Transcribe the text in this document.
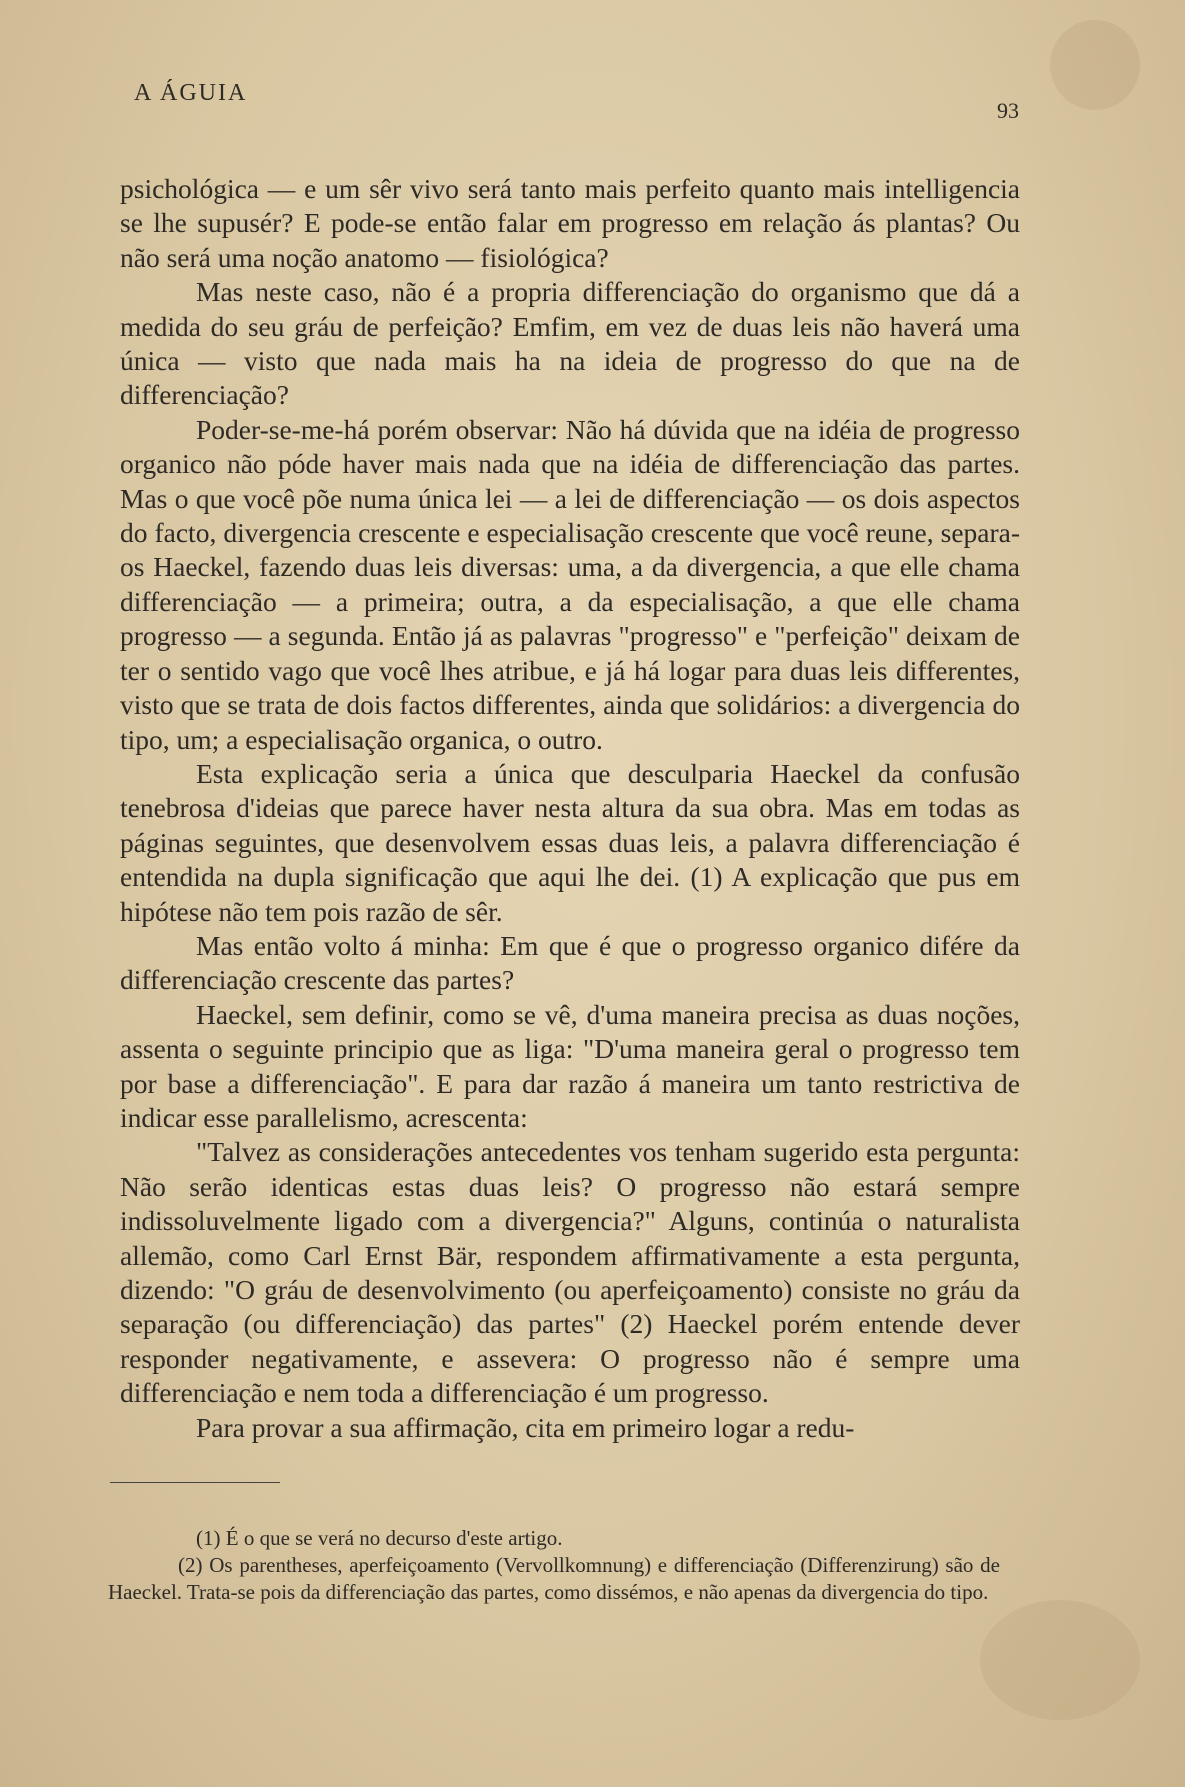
A ÁGUIA
93

psichológica — e um sêr vivo será tanto mais perfeito quanto mais intelligencia se lhe supusér? E pode-se então falar em progresso em relação ás plantas? Ou não será uma noção anatomo — fisiológica?

Mas neste caso, não é a propria differenciação do organismo que dá a medida do seu gráu de perfeição? Emfim, em vez de duas leis não haverá uma única — visto que nada mais ha na ideia de progresso do que na de differenciação?

Poder-se-me-há porém observar: Não há dúvida que na idéia de progresso organico não póde haver mais nada que na idéia de differenciação das partes. Mas o que você põe numa única lei — a lei de differenciação — os dois aspectos do facto, divergencia crescente e especialisação crescente que você reune, separa-os Haeckel, fazendo duas leis diversas: uma, a da divergencia, a que elle chama differenciação — a primeira; outra, a da especialisação, a que elle chama progresso — a segunda. Então já as palavras "progresso" e "perfeição" deixam de ter o sentido vago que você lhes atribue, e já há logar para duas leis differentes, visto que se trata de dois factos differentes, ainda que solidários: a divergencia do tipo, um; a especialisação organica, o outro.

Esta explicação seria a única que desculparia Haeckel da confusão tenebrosa d'ideias que parece haver nesta altura da sua obra. Mas em todas as páginas seguintes, que desenvolvem essas duas leis, a palavra differenciação é entendida na dupla significação que aqui lhe dei. (1) A explicação que pus em hipótese não tem pois razão de sêr.

Mas então volto á minha: Em que é que o progresso organico difére da differenciação crescente das partes?

Haeckel, sem definir, como se vê, d'uma maneira precisa as duas noções, assenta o seguinte principio que as liga: "D'uma maneira geral o progresso tem por base a differenciação". E para dar razão á maneira um tanto restrictiva de indicar esse parallelismo, acrescenta:

"Talvez as considerações antecedentes vos tenham sugerido esta pergunta: Não serão identicas estas duas leis? O progresso não estará sempre indissoluvelmente ligado com a divergencia?" Alguns, continúa o naturalista allemão, como Carl Ernst Bär, respondem affirmativamente a esta pergunta, dizendo: "O gráu de desenvolvimento (ou aperfeiçoamento) consiste no gráu da separação (ou differenciação) das partes" (2) Haeckel porém entende dever responder negativamente, e assevera: O progresso não é sempre uma differenciação e nem toda a differenciação é um progresso.

Para provar a sua affirmação, cita em primeiro logar a redu-

(1) É o que se verá no decurso d'este artigo.

(2) Os parentheses, aperfeiçoamento (Vervollkomnung) e differenciação (Differenzirung) são de Haeckel. Trata-se pois da differenciação das partes, como dissémos, e não apenas da divergencia do tipo.
